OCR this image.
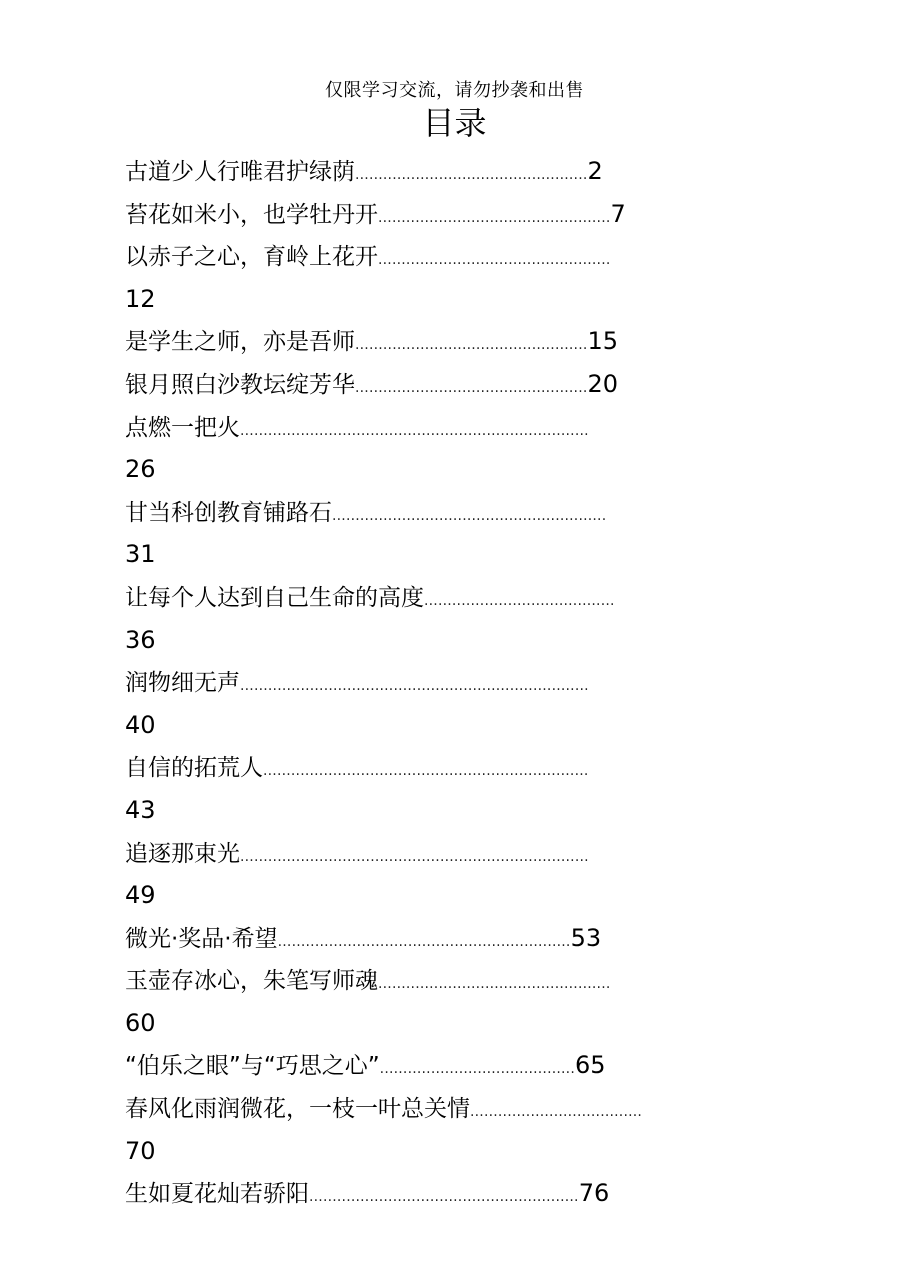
仅限学习交流，请勿抄袭和出售
目录
古道少人行唯君护绿荫..................................................2
苔花如米小，也学牡丹开..................................................7
以赤子之心，育岭上花开..................................................
12
是学生之师，亦是吾师..................................................15
银月照白沙教坛绽芳华..................................................20
点燃一把火...........................................................................
26
甘当科创教育铺路石...........................................................
31
让每个人达到自己生命的高度.........................................
36
润物细无声...........................................................................
40
自信的拓荒人......................................................................
43
追逐那束光...........................................................................
49
微光·奖品·希望...............................................................53
玉壶存冰心，朱笔写师魂..................................................
60
“伯乐之眼”与“巧思之心”..........................................65
春风化雨润微花，一枝一叶总关情.....................................
70
生如夏花灿若骄阳..........................................................76
